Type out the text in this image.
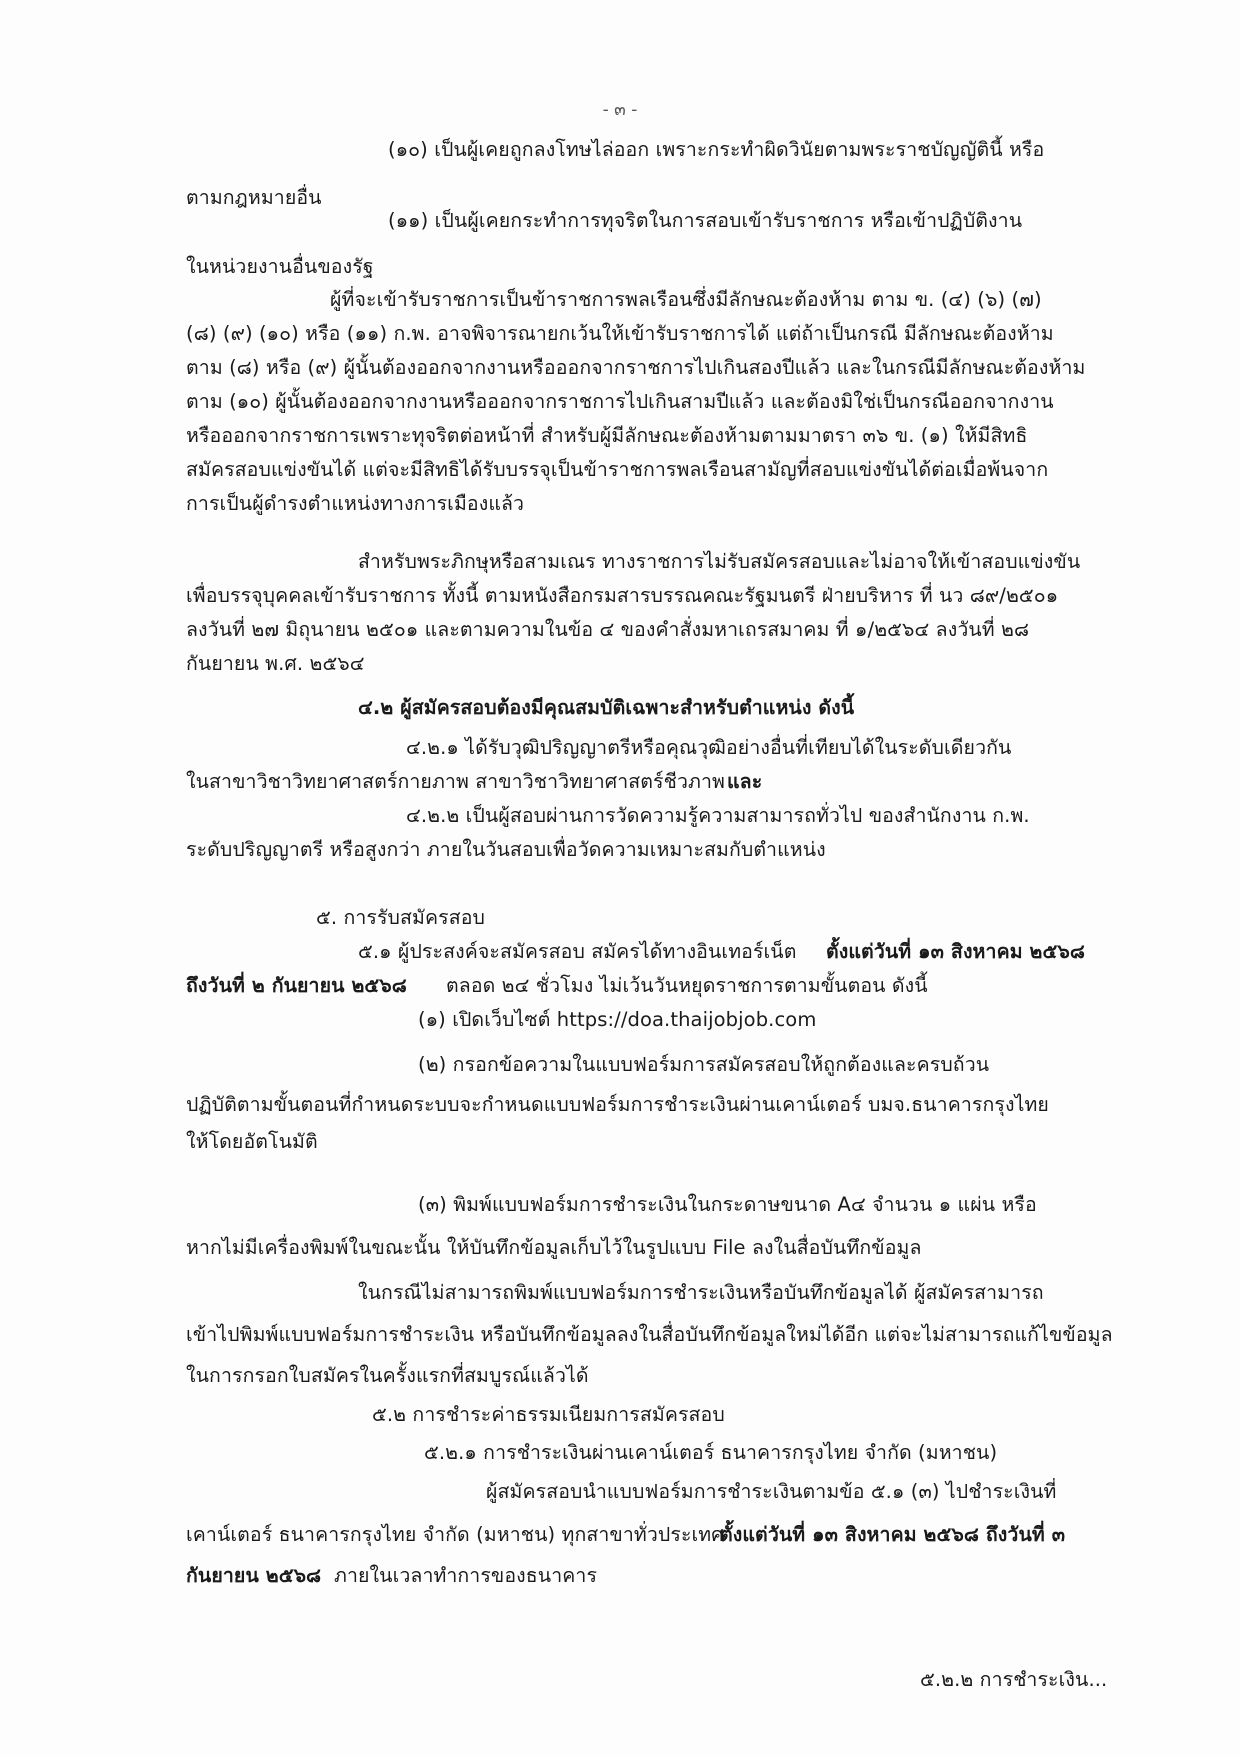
- ๓ -
(๑๐) เป็นผู้เคยถูกลงโทษไล่ออก เพราะกระทำผิดวินัยตามพระราชบัญญัตินี้ หรือ
ตามกฎหมายอื่น
(๑๑) เป็นผู้เคยกระทำการทุจริตในการสอบเข้ารับราชการ หรือเข้าปฏิบัติงาน
ในหน่วยงานอื่นของรัฐ
ผู้ที่จะเข้ารับราชการเป็นข้าราชการพลเรือนซึ่งมีลักษณะต้องห้าม ตาม ข. (๔) (๖) (๗)
(๘) (๙) (๑๐) หรือ (๑๑) ก.พ. อาจพิจารณายกเว้นให้เข้ารับราชการได้ แต่ถ้าเป็นกรณี มีลักษณะต้องห้าม
ตาม (๘) หรือ (๙) ผู้นั้นต้องออกจากงานหรือออกจากราชการไปเกินสองปีแล้ว และในกรณีมีลักษณะต้องห้าม
ตาม (๑๐) ผู้นั้นต้องออกจากงานหรือออกจากราชการไปเกินสามปีแล้ว และต้องมิใช่เป็นกรณีออกจากงาน
หรือออกจากราชการเพราะทุจริตต่อหน้าที่ สำหรับผู้มีลักษณะต้องห้ามตามมาตรา ๓๖ ข. (๑) ให้มีสิทธิ
สมัครสอบแข่งขันได้ แต่จะมีสิทธิได้รับบรรจุเป็นข้าราชการพลเรือนสามัญที่สอบแข่งขันได้ต่อเมื่อพ้นจาก
การเป็นผู้ดำรงตำแหน่งทางการเมืองแล้ว
สำหรับพระภิกษุหรือสามเณร ทางราชการไม่รับสมัครสอบและไม่อาจให้เข้าสอบแข่งขัน
เพื่อบรรจุบุคคลเข้ารับราชการ ทั้งนี้ ตามหนังสือกรมสารบรรณคณะรัฐมนตรี ฝ่ายบริหาร ที่ นว ๘๙/๒๕๐๑
ลงวันที่ ๒๗ มิถุนายน ๒๕๐๑ และตามความในข้อ ๔ ของคำสั่งมหาเถรสมาคม ที่ ๑/๒๕๖๔ ลงวันที่ ๒๘
กันยายน พ.ศ. ๒๕๖๔
๔.๒ ผู้สมัครสอบต้องมีคุณสมบัติเฉพาะสำหรับตำแหน่ง ดังนี้
๔.๒.๑ ได้รับวุฒิปริญญาตรีหรือคุณวุฒิอย่างอื่นที่เทียบได้ในระดับเดียวกัน
ในสาขาวิชาวิทยาศาสตร์กายภาพ สาขาวิชาวิทยาศาสตร์ชีวภาพ และ
๔.๒.๒ เป็นผู้สอบผ่านการวัดความรู้ความสามารถทั่วไป ของสำนักงาน ก.พ.
ระดับปริญญาตรี หรือสูงกว่า ภายในวันสอบเพื่อวัดความเหมาะสมกับตำแหน่ง
๕. การรับสมัครสอบ
๕.๑ ผู้ประสงค์จะสมัครสอบ สมัครได้ทางอินเทอร์เน็ต ตั้งแต่วันที่ ๑๓ สิงหาคม ๒๕๖๘
ถึงวันที่ ๒ กันยายน ๒๕๖๘ ตลอด ๒๔ ชั่วโมง ไม่เว้นวันหยุดราชการตามขั้นตอน ดังนี้
(๑) เปิดเว็บไซต์ https://doa.thaijobjob.com
(๒) กรอกข้อความในแบบฟอร์มการสมัครสอบให้ถูกต้องและครบถ้วน
ปฏิบัติตามขั้นตอนที่กำหนดระบบจะกำหนดแบบฟอร์มการชำระเงินผ่านเคาน์เตอร์ บมจ.ธนาคารกรุงไทย
ให้โดยอัตโนมัติ
(๓) พิมพ์แบบฟอร์มการชำระเงินในกระดาษขนาด A๔ จำนวน ๑ แผ่น หรือ
หากไม่มีเครื่องพิมพ์ในขณะนั้น ให้บันทึกข้อมูลเก็บไว้ในรูปแบบ File ลงในสื่อบันทึกข้อมูล
ในกรณีไม่สามารถพิมพ์แบบฟอร์มการชำระเงินหรือบันทึกข้อมูลได้ ผู้สมัครสามารถ
เข้าไปพิมพ์แบบฟอร์มการชำระเงิน หรือบันทึกข้อมูลลงในสื่อบันทึกข้อมูลใหม่ได้อีก แต่จะไม่สามารถแก้ไขข้อมูล
ในการกรอกใบสมัครในครั้งแรกที่สมบูรณ์แล้วได้
๕.๒ การชำระค่าธรรมเนียมการสมัครสอบ
๕.๒.๑ การชำระเงินผ่านเคาน์เตอร์ ธนาคารกรุงไทย จำกัด (มหาชน)
ผู้สมัครสอบนำแบบฟอร์มการชำระเงินตามข้อ ๕.๑ (๓) ไปชำระเงินที่
เคาน์เตอร์ ธนาคารกรุงไทย จำกัด (มหาชน) ทุกสาขาทั่วประเทศ
ตั้งแต่วันที่ ๑๓ สิงหาคม ๒๕๖๘ ถึงวันที่ ๓
กันยายน ๒๕๖๘ ภายในเวลาทำการของธนาคาร
๕.๒.๒ การชำระเงิน...
